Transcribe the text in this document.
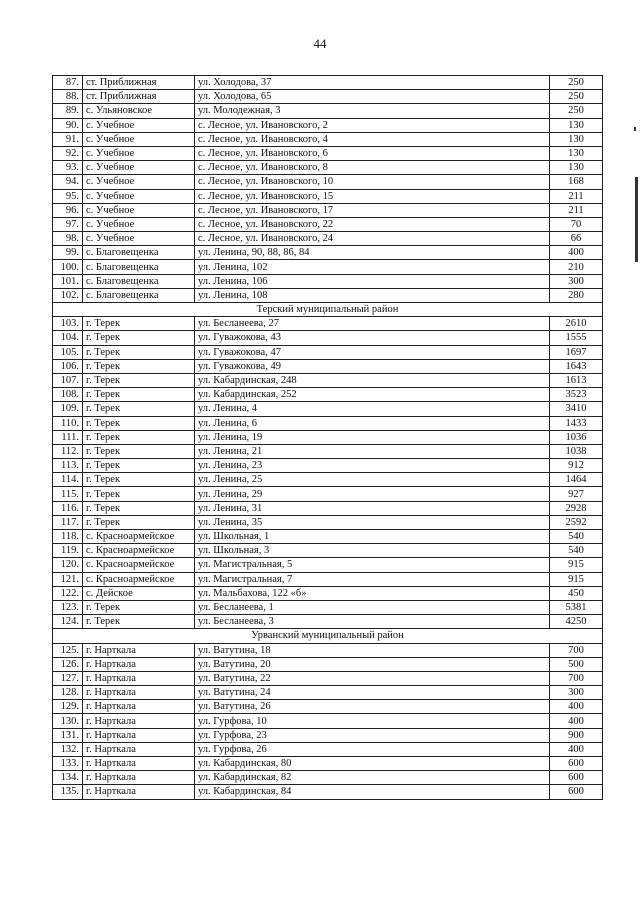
44
87.	ст. Приближная	ул. Холодова, 37	250
88.	ст. Приближная	ул. Холодова, 65	250
89.	с. Ульяновское	ул. Молодежная, 3	250
90.	с. Учебное	с. Лесное, ул. Ивановского, 2	130
91.	с. Учебное	с. Лесное, ул. Ивановского, 4	130
92.	с. Учебное	с. Лесное, ул. Ивановского, 6	130
93.	с. Учебное	с. Лесное, ул. Ивановского, 8	130
94.	с. Учебное	с. Лесное, ул. Ивановского, 10	168
95.	с. Учебное	с. Лесное, ул. Ивановского, 15	211
96.	с. Учебное	с. Лесное, ул. Ивановского, 17	211
97.	с. Учебное	с. Лесное, ул. Ивановского, 22	70
98.	с. Учебное	с. Лесное, ул. Ивановского, 24	66
99.	с. Благовещенка	ул. Ленина, 90, 88, 86, 84	400
100.	с. Благовещенка	ул. Ленина, 102	210
101.	с. Благовещенка	ул. Ленина, 106	300
102.	с. Благовещенка	ул. Ленина, 108	280
Терский муниципальный район			
103.	г. Терек	ул. Бесланеева, 27	2610
104.	г. Терек	ул. Гуважокова, 43	1555
105.	г. Терек	ул. Гуважокова, 47	1697
106.	г. Терек	ул. Гуважокова, 49	1643
107.	г. Терек	ул. Кабардинская, 248	1613
108.	г. Терек	ул. Кабардинская, 252	3523
109.	г. Терек	ул. Ленина, 4	3410
110.	г. Терек	ул. Ленина, 6	1433
111.	г. Терек	ул. Ленина, 19	1036
112.	г. Терек	ул. Ленина, 21	1038
113.	г. Терек	ул. Ленина, 23	912
114.	г. Терек	ул. Ленина, 25	1464
115.	г. Терек	ул. Ленина, 29	927
116.	г. Терек	ул. Ленина, 31	2928
117.	г. Терек	ул. Ленина, 35	2592
118.	с. Красноармейское	ул. Школьная, 1	540
119.	с. Красноармейское	ул. Школьная, 3	540
120.	с. Красноармейское	ул. Магистральная, 5	915
121.	с. Красноармейское	ул. Магистральная, 7	915
122.	с. Дейское	ул. Мальбахова, 122 «б»	450
123.	г. Терек	ул. Бесланеева, 1	5381
124.	г. Терек	ул. Бесланеева, 3	4250
Урванский муниципальный район			
125.	г. Нарткала	ул. Ватутина, 18	700
126.	г. Нарткала	ул. Ватутина, 20	500
127.	г. Нарткала	ул. Ватутина, 22	700
128.	г. Нарткала	ул. Ватутина, 24	300
129.	г. Нарткала	ул. Ватутина, 26	400
130.	г. Нарткала	ул. Гурфова, 10	400
131.	г. Нарткала	ул. Гурфова, 23	900
132.	г. Нарткала	ул. Гурфова, 26	400
133.	г. Нарткала	ул. Кабардинская, 80	600
134.	г. Нарткала	ул. Кабардинская, 82	600
135.	г. Нарткала	ул. Кабардинская, 84	600
